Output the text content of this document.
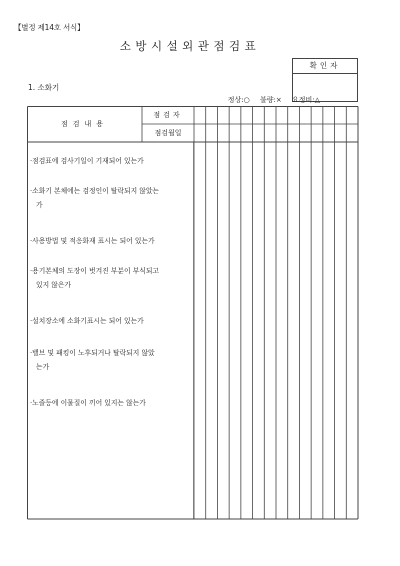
【별정 제14호 서식】
소방시설외관점검표
확인자
1. 소화기
정상:○ 불량:× 요정비:△
점검내용
점검자
점검월일
·점검표에 검사기일이 기재되어 있는가
·소화기 본체에는 검정인이 탈락되지 않았는
가
·사용방법 및 적응화재 표시는 되어 있는가
·용기본체의 도장이 벗겨진 부분이 부식되고
있지 않은가
·설치장소에 소화기표시는 되어 있는가
·밸브 및 패킹이 노후되거나 탈락되지 않았
는가
·노즐등에 이물질이 끼어 있지는 않는가
